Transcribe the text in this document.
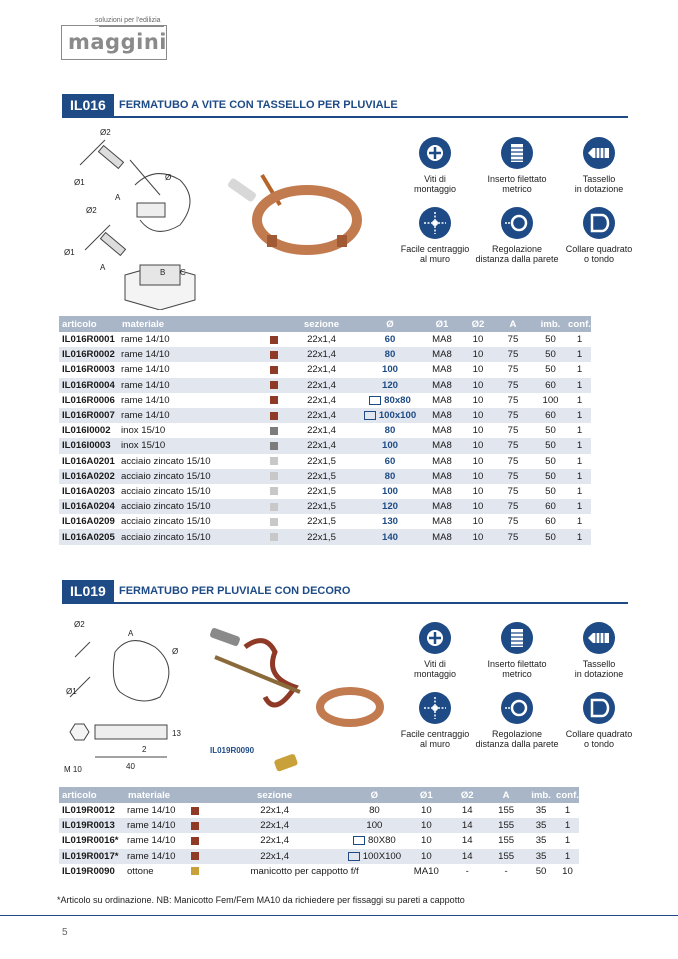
soluzioni per l'edilizia
maggini
IL016	FERMATUBO A VITE CON TASSELLO PER PLUVIALE
Ø2
Ø1
A
Ø
Ø2
Ø1
A
B C
Viti di
montaggio
Inserto filettato
metrico
Tassello
in dotazione
Facile centraggio
al muro
Regolazione
distanza dalla parete
Collare quadrato
o tondo
articolo	materiale		sezione	Ø	Ø1	Ø2	A	imb.	conf.
IL016R0001	rame 14/10		22x1,4	60	MA8	10	75	50	1
IL016R0002	rame 14/10		22x1,4	80	MA8	10	75	50	1
IL016R0003	rame 14/10		22x1,4	100	MA8	10	75	50	1
IL016R0004	rame 14/10		22x1,4	120	MA8	10	75	60	1
IL016R0006	rame 14/10		22x1,4	80x80	MA8	10	75	100	1
IL016R0007	rame 14/10		22x1,4	100x100	MA8	10	75	60	1
IL016I0002	inox 15/10		22x1,4	80	MA8	10	75	50	1
IL016I0003	inox 15/10		22x1,4	100	MA8	10	75	50	1
IL016A0201	acciaio zincato 15/10		22x1,5	60	MA8	10	75	50	1
IL016A0202	acciaio zincato 15/10		22x1,5	80	MA8	10	75	50	1
IL016A0203	acciaio zincato 15/10		22x1,5	100	MA8	10	75	50	1
IL016A0204	acciaio zincato 15/10		22x1,5	120	MA8	10	75	60	1
IL016A0209	acciaio zincato 15/10		22x1,5	130	MA8	10	75	60	1
IL016A0205	acciaio zincato 15/10		22x1,5	140	MA8	10	75	50	1
IL019	FERMATUBO PER PLUVIALE CON DECORO
Ø2
A
Ø
Ø1
13
2
40
M 10
IL019R0090
Viti di
montaggio
Inserto filettato
metrico
Tassello
in dotazione
Facile centraggio
al muro
Regolazione
distanza dalla parete
Collare quadrato
o tondo
articolo	materiale		sezione	Ø	Ø1	Ø2	A	imb.	conf.
IL019R0012	rame 14/10		22x1,4	80	10	14	155	35	1
IL019R0013	rame 14/10		22x1,4	100	10	14	155	35	1
IL019R0016*	rame 14/10		22x1,4	80X80	10	14	155	35	1
IL019R0017*	rame 14/10		22x1,4	100X100	10	14	155	35	1
IL019R0090	ottone		manicotto per cappotto f/f		MA10	-	-	50	10
*Articolo su ordinazione. NB: Manicotto Fem/Fem MA10 da richiedere per fissaggi su pareti a cappotto
5
